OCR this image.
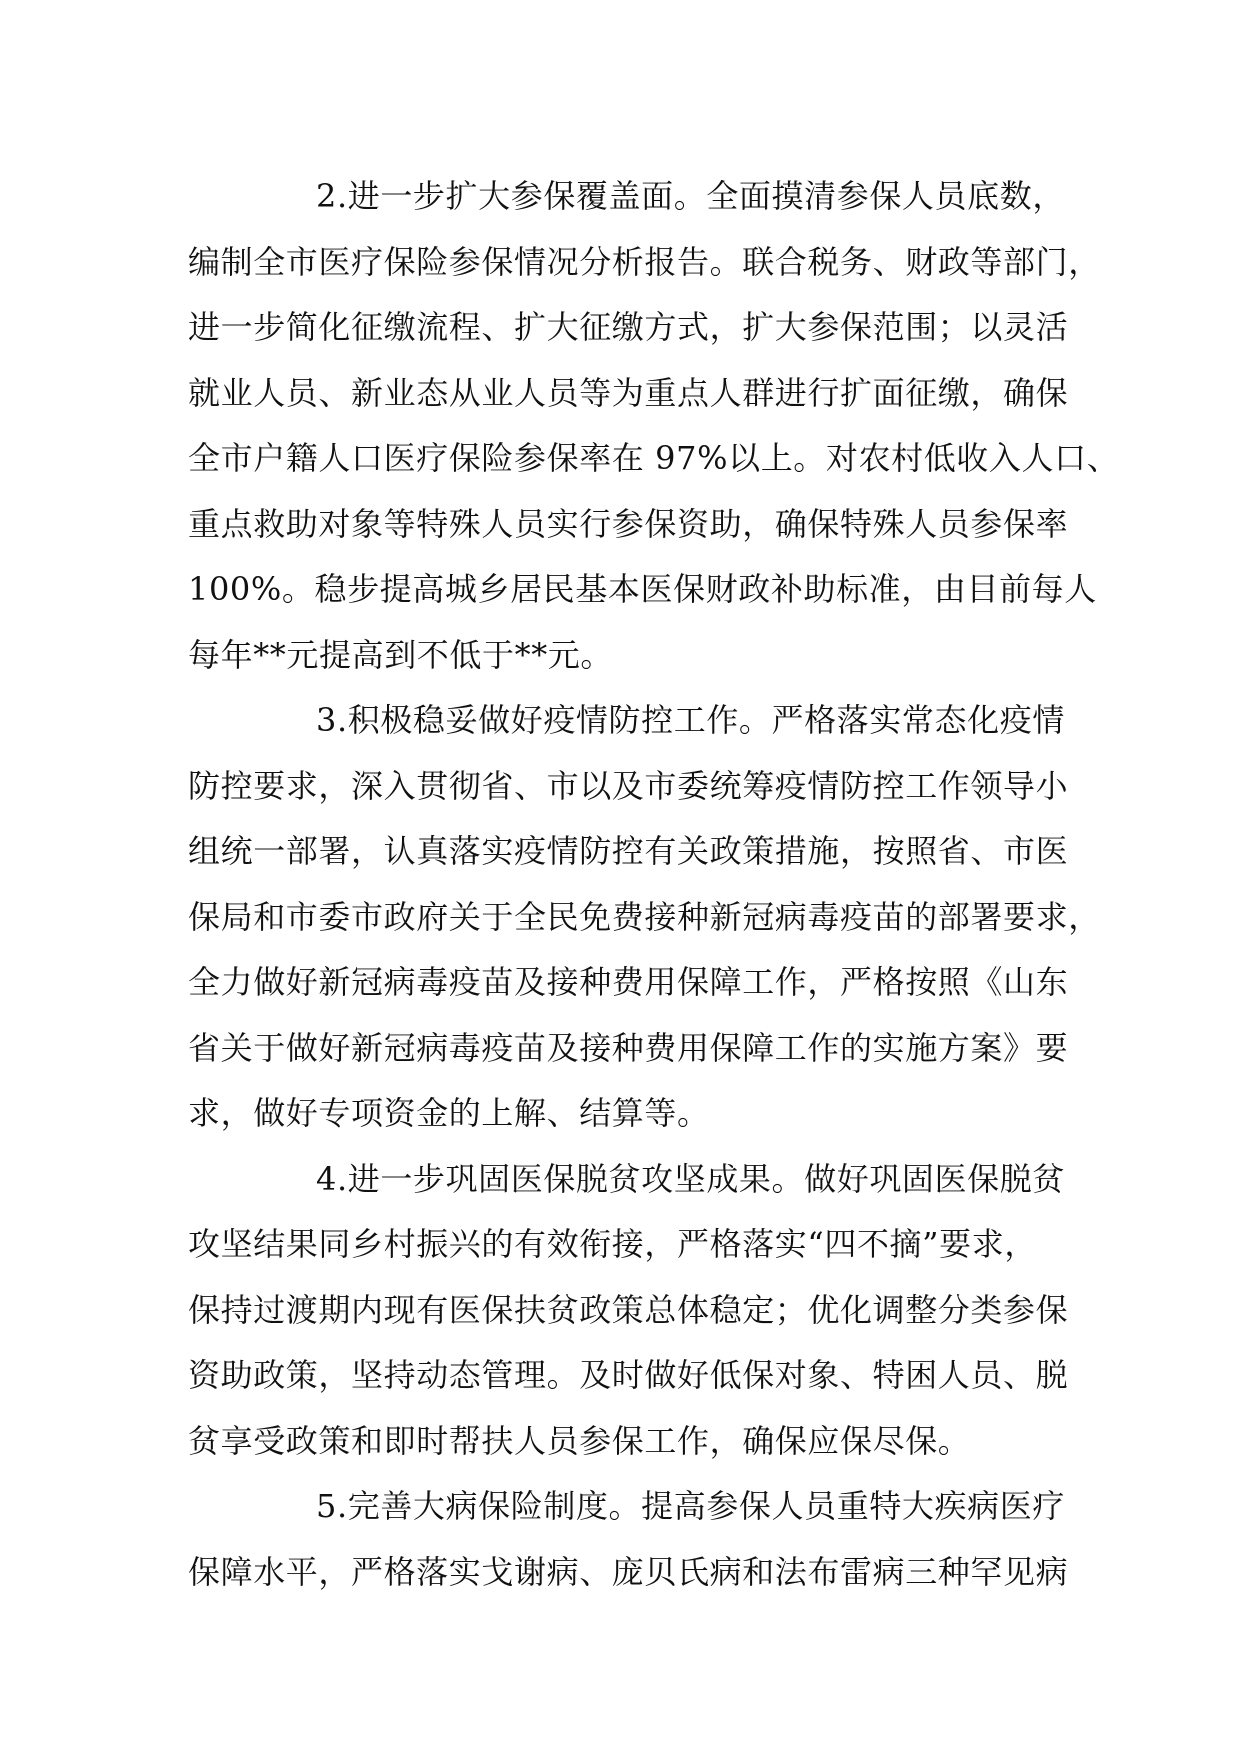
2.进一步扩大参保覆盖面。全面摸清参保人员底数，
编制全市医疗保险参保情况分析报告。联合税务、财政等部门，
进一步简化征缴流程、扩大征缴方式，扩大参保范围；以灵活
就业人员、新业态从业人员等为重点人群进行扩面征缴，确保
全市户籍人口医疗保险参保率在 97%以上。对农村低收入人口、
重点救助对象等特殊人员实行参保资助，确保特殊人员参保率
100%。稳步提高城乡居民基本医保财政补助标准，由目前每人
每年**元提高到不低于**元。

3.积极稳妥做好疫情防控工作。严格落实常态化疫情
防控要求，深入贯彻省、市以及市委统筹疫情防控工作领导小
组统一部署，认真落实疫情防控有关政策措施，按照省、市医
保局和市委市政府关于全民免费接种新冠病毒疫苗的部署要求，
全力做好新冠病毒疫苗及接种费用保障工作，严格按照《山东
省关于做好新冠病毒疫苗及接种费用保障工作的实施方案》要
求，做好专项资金的上解、结算等。

4.进一步巩固医保脱贫攻坚成果。做好巩固医保脱贫
攻坚结果同乡村振兴的有效衔接，严格落实“四不摘”要求，
保持过渡期内现有医保扶贫政策总体稳定；优化调整分类参保
资助政策，坚持动态管理。及时做好低保对象、特困人员、脱
贫享受政策和即时帮扶人员参保工作，确保应保尽保。

5.完善大病保险制度。提高参保人员重特大疾病医疗
保障水平，严格落实戈谢病、庞贝氏病和法布雷病三种罕见病
